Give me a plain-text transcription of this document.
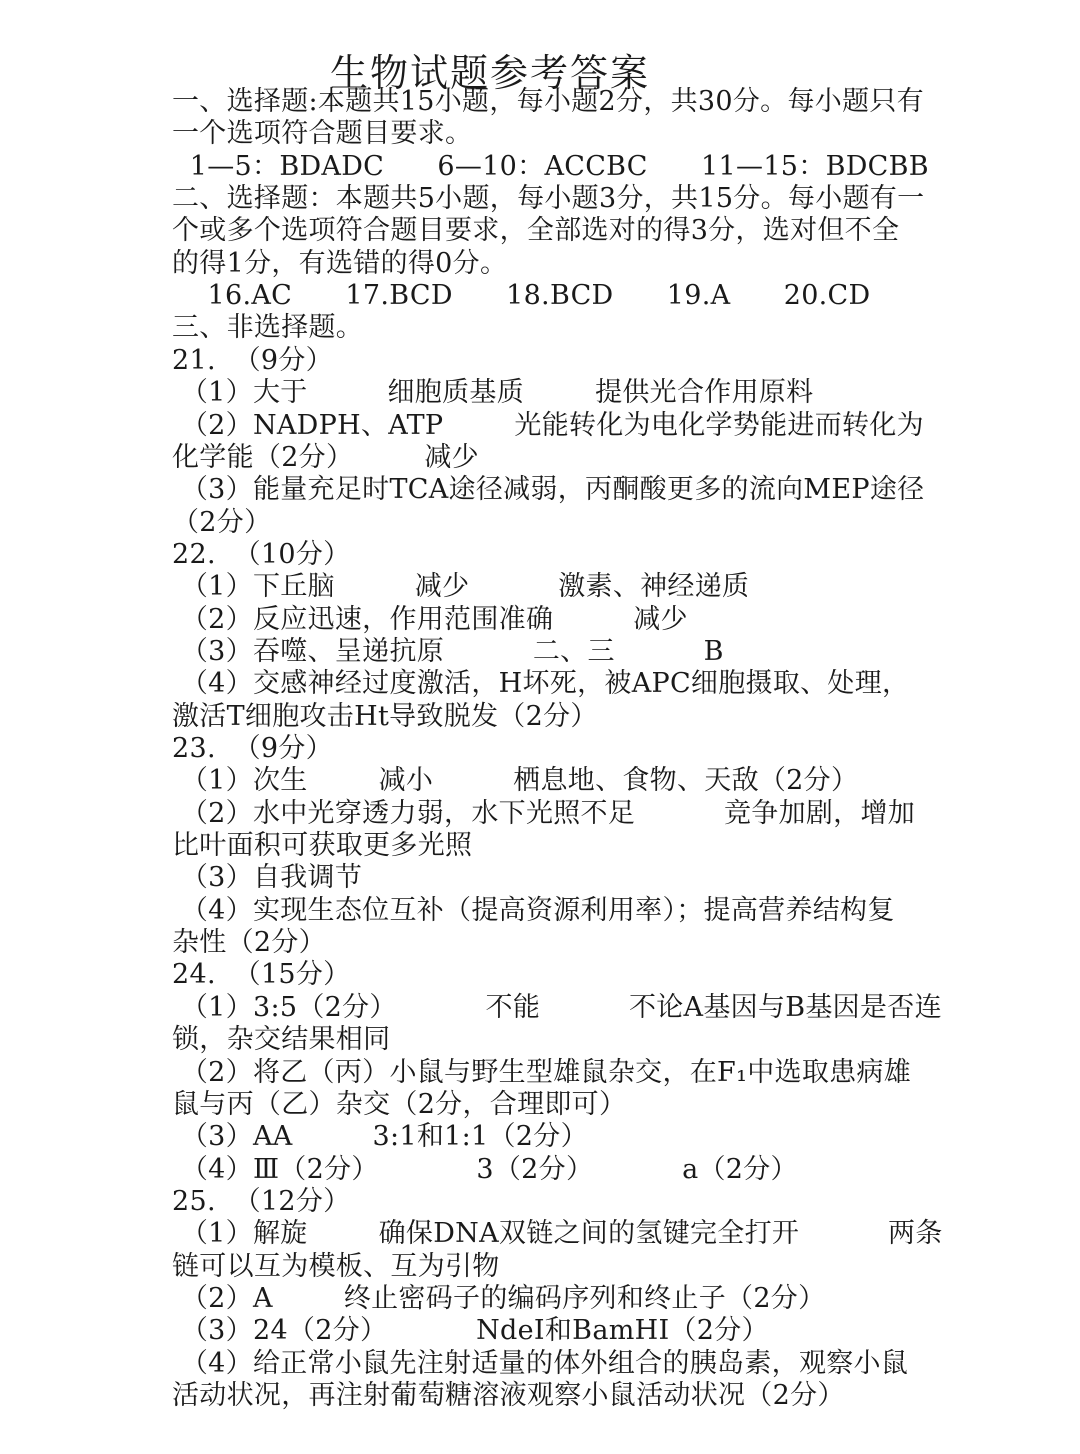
生物试题参考答案
一、选择题:本题共15小题，每小题2分，共30分。每小题只有
一个选项符合题目要求。
1—5：BDADC      6—10：ACCBC      11—15：BDCBB
二、选择题：本题共5小题，每小题3分，共15分。每小题有一
个或多个选项符合题目要求，全部选对的得3分，选对但不全
的得1分，有选错的得0分。
16.AC      17.BCD      18.BCD      19.A      20.CD
三、非选择题。
21.  （9分）
（1）大于         细胞质基质        提供光合作用原料
（2）NADPH、ATP        光能转化为电化学势能进而转化为
化学能（2分）        减少
（3）能量充足时TCA途径减弱，丙酮酸更多的流向MEP途径
（2分）
22.  （10分）
（1）下丘脑         减少          激素、神经递质
（2）反应迅速，作用范围准确         减少
（3）吞噬、呈递抗原          二、三          B
（4）交感神经过度激活，H坏死，被APC细胞摄取、处理，
激活T细胞攻击Ht导致脱发（2分）
23.  （9分）
（1）次生        减小         栖息地、食物、天敌（2分）
（2）水中光穿透力弱，水下光照不足          竞争加剧，增加
比叶面积可获取更多光照
（3）自我调节
（4）实现生态位互补（提高资源利用率）；提高营养结构复
杂性（2分）
24.  （15分）
（1）3:5（2分）          不能          不论A基因与B基因是否连
锁，杂交结果相同
（2）将乙（丙）小鼠与野生型雄鼠杂交，在F₁中选取患病雄
鼠与丙（乙）杂交（2分，合理即可）
（3）AA         3:1和1:1（2分）
（4）Ⅲ（2分）           3（2分）          a（2分）
25.  （12分）
（1）解旋        确保DNA双链之间的氢键完全打开          两条
链可以互为模板、互为引物
（2）A        终止密码子的编码序列和终止子（2分）
（3）24（2分）          NdeI和BamHI（2分）
（4）给正常小鼠先注射适量的体外组合的胰岛素，观察小鼠
活动状况，再注射葡萄糖溶液观察小鼠活动状况（2分）
